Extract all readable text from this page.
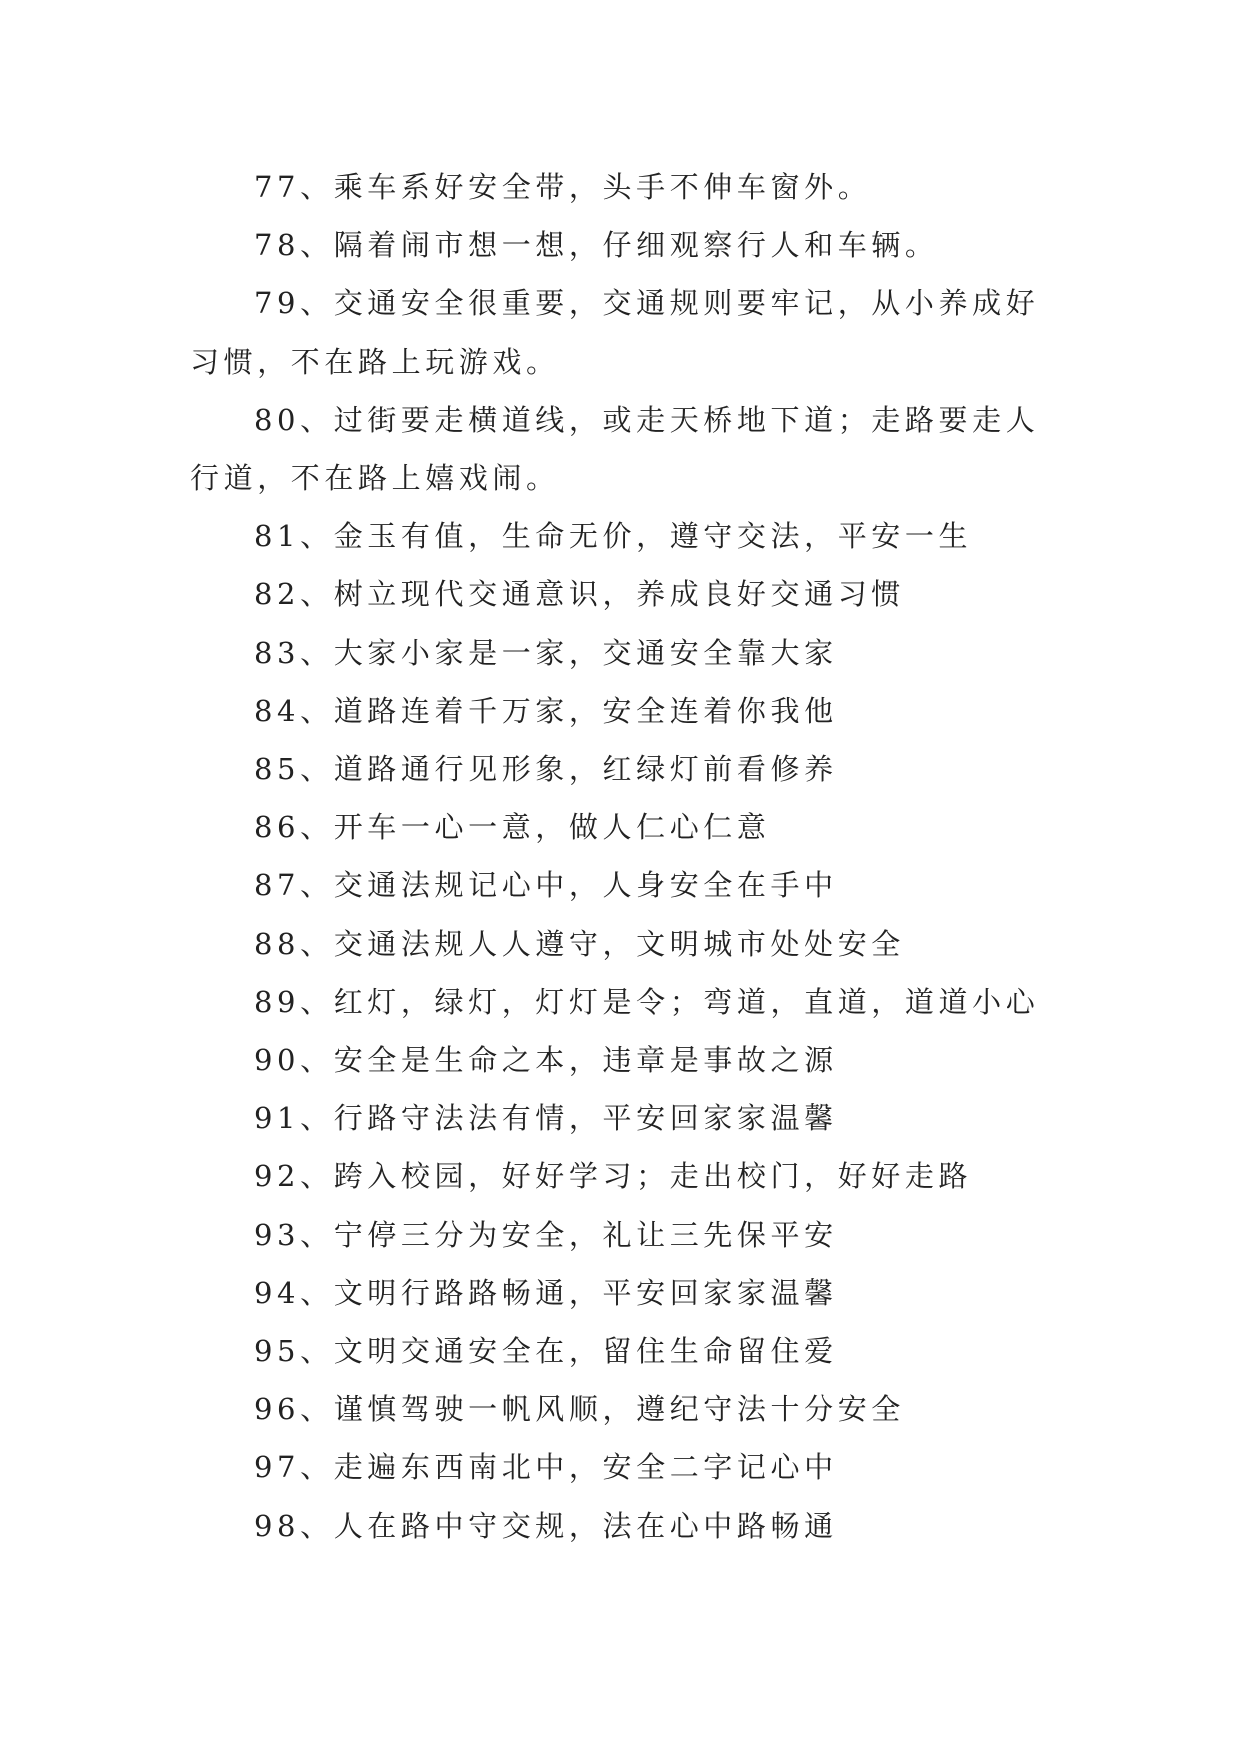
77、乘车系好安全带，头手不伸车窗外。

78、隔着闹市想一想，仔细观察行人和车辆。

79、交通安全很重要，交通规则要牢记，从小养成好习惯，不在路上玩游戏。

80、过街要走横道线，或走天桥地下道；走路要走人行道，不在路上嬉戏闹。

81、金玉有值，生命无价，遵守交法，平安一生

82、树立现代交通意识，养成良好交通习惯

83、大家小家是一家，交通安全靠大家

84、道路连着千万家，安全连着你我他

85、道路通行见形象，红绿灯前看修养

86、开车一心一意，做人仁心仁意

87、交通法规记心中，人身安全在手中

88、交通法规人人遵守，文明城市处处安全

89、红灯，绿灯，灯灯是令；弯道，直道，道道小心

90、安全是生命之本，违章是事故之源

91、行路守法法有情，平安回家家温馨

92、跨入校园，好好学习；走出校门，好好走路

93、宁停三分为安全，礼让三先保平安

94、文明行路路畅通，平安回家家温馨

95、文明交通安全在，留住生命留住爱

96、谨慎驾驶一帆风顺，遵纪守法十分安全

97、走遍东西南北中，安全二字记心中

98、人在路中守交规，法在心中路畅通
